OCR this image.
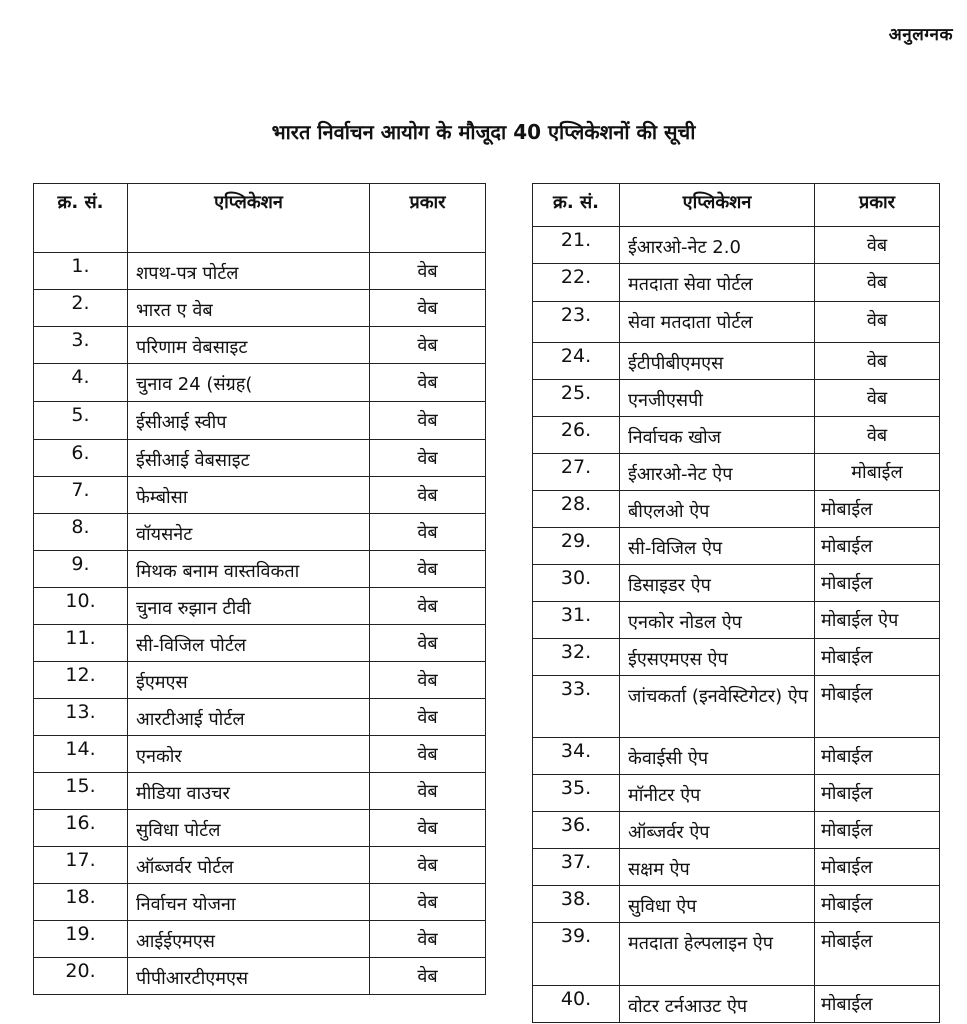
अनुलग्नक
भारत निर्वाचन आयोग के मौजूदा 40 एप्लिकेशनों की सूची
क्र. सं.	एप्लिकेशन	प्रकार
1.	शपथ-पत्र पोर्टल	वेब
2.	भारत ए वेब	वेब
3.	परिणाम वेबसाइट	वेब
4.	चुनाव 24 (संग्रह(	वेब
5.	ईसीआई स्वीप	वेब
6.	ईसीआई वेबसाइट	वेब
7.	फेम्बोसा	वेब
8.	वॉयसनेट	वेब
9.	मिथक बनाम वास्तविकता	वेब
10.	चुनाव रुझान टीवी	वेब
11.	सी-विजिल पोर्टल	वेब
12.	ईएमएस	वेब
13.	आरटीआई पोर्टल	वेब
14.	एनकोर	वेब
15.	मीडिया वाउचर	वेब
16.	सुविधा पोर्टल	वेब
17.	ऑब्जर्वर पोर्टल	वेब
18.	निर्वाचन योजना	वेब
19.	आईईएमएस	वेब
20.	पीपीआरटीएमएस	वेब
क्र. सं.	एप्लिकेशन	प्रकार
21.	ईआरओ-नेट 2.0	वेब
22.	मतदाता सेवा पोर्टल	वेब
23.	सेवा मतदाता पोर्टल	वेब
24.	ईटीपीबीएमएस	वेब
25.	एनजीएसपी	वेब
26.	निर्वाचक खोज	वेब
27.	ईआरओ-नेट ऐप	मोबाईल
28.	बीएलओ ऐप	मोबाईल
29.	सी-विजिल ऐप	मोबाईल
30.	डिसाइडर ऐप	मोबाईल
31.	एनकोर नोडल ऐप	मोबाईल ऐप
32.	ईएसएमएस ऐप	मोबाईल
33.	जांचकर्ता (इनवेस्टिगेटर) ऐप	मोबाईल
34.	केवाईसी ऐप	मोबाईल
35.	मॉनीटर ऐप	मोबाईल
36.	ऑब्जर्वर ऐप	मोबाईल
37.	सक्षम ऐप	मोबाईल
38.	सुविधा ऐप	मोबाईल
39.	मतदाता हेल्पलाइन ऐप	मोबाईल
40.	वोटर टर्नआउट ऐप	मोबाईल
